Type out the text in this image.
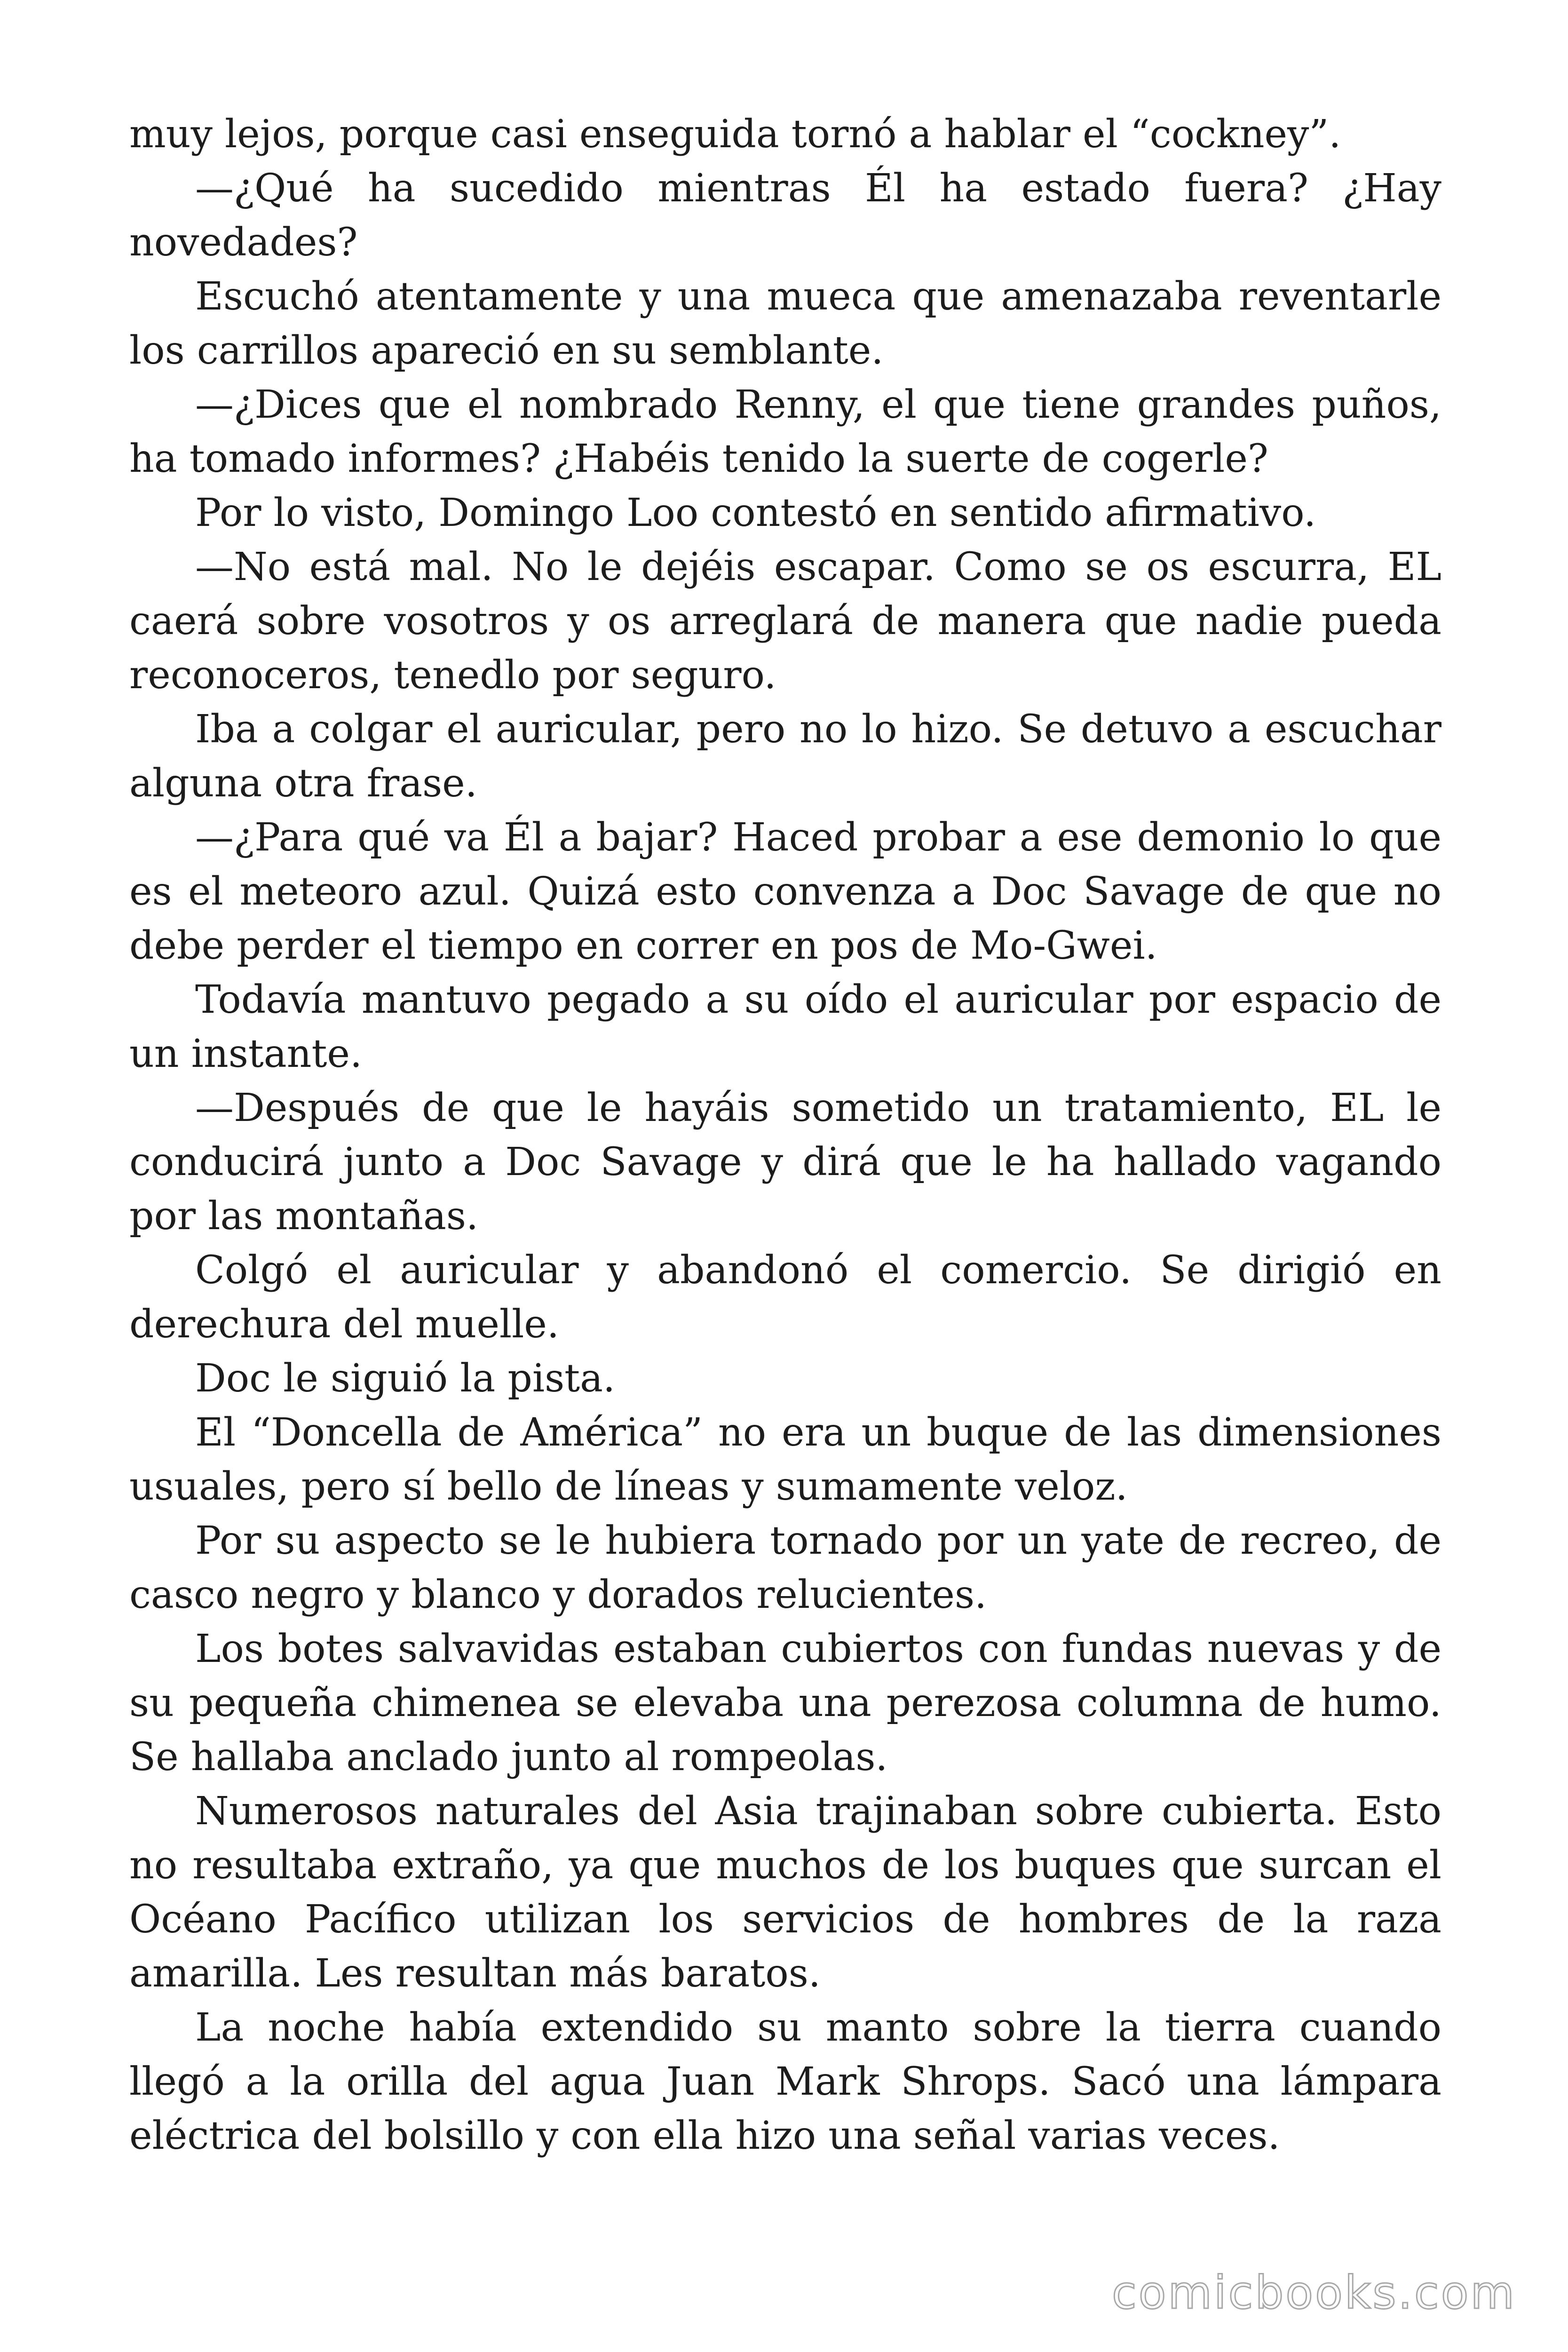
muy lejos, porque casi enseguida tornó a hablar el “cockney”.

—¿Qué ha sucedido mientras Él ha estado fuera? ¿Hay novedades?

Escuchó atentamente y una mueca que amenazaba reventarle los carrillos apareció en su semblante.

—¿Dices que el nombrado Renny, el que tiene grandes puños, ha tomado informes? ¿Habéis tenido la suerte de cogerle?

Por lo visto, Domingo Loo contestó en sentido afirmativo.

—No está mal. No le dejéis escapar. Como se os escurra, EL caerá sobre vosotros y os arreglará de manera que nadie pueda reconoceros, tenedlo por seguro.

Iba a colgar el auricular, pero no lo hizo. Se detuvo a escuchar alguna otra frase.

—¿Para qué va Él a bajar? Haced probar a ese demonio lo que es el meteoro azul. Quizá esto convenza a Doc Savage de que no debe perder el tiempo en correr en pos de Mo-Gwei.

Todavía mantuvo pegado a su oído el auricular por espacio de un instante.

—Después de que le hayáis sometido un tratamiento, EL le conducirá junto a Doc Savage y dirá que le ha hallado vagando por las montañas.

Colgó el auricular y abandonó el comercio. Se dirigió en derechura del muelle.

Doc le siguió la pista.

El “Doncella de América” no era un buque de las dimensiones usuales, pero sí bello de líneas y sumamente veloz.

Por su aspecto se le hubiera tornado por un yate de recreo, de casco negro y blanco y dorados relucientes.

Los botes salvavidas estaban cubiertos con fundas nuevas y de su pequeña chimenea se elevaba una perezosa columna de humo. Se hallaba anclado junto al rompeolas.

Numerosos naturales del Asia trajinaban sobre cubierta. Esto no resultaba extraño, ya que muchos de los buques que surcan el Océano Pacífico utilizan los servicios de hombres de la raza amarilla. Les resultan más baratos.

La noche había extendido su manto sobre la tierra cuando llegó a la orilla del agua Juan Mark Shrops. Sacó una lámpara eléctrica del bolsillo y con ella hizo una señal varias veces.

comicbooks.com
